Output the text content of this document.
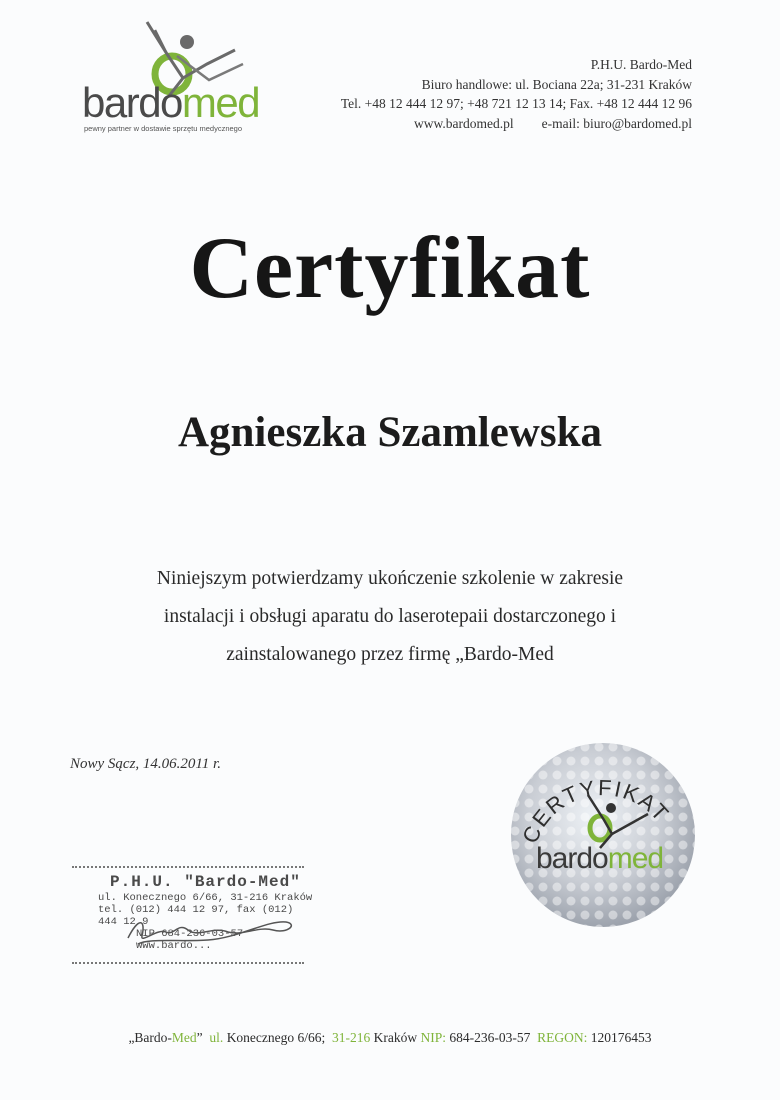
bardomed
pewny partner w dostawie sprzętu medycznego
P.H.U. Bardo-Med
Biuro handlowe: ul. Bociana 22a; 31-231 Kraków
Tel. +48 12 444 12 97; +48 721 12 13 14; Fax. +48 12 444 12 96
www.bardomed.pl e-mail: biuro@bardomed.pl
Certyfikat
Agnieszka Szamlewska
Niniejszym potwierdzamy ukończenie szkolenie w zakresie
instalacji i obsługi aparatu do laserotepaii dostarczonego i
zainstalowanego przez firmę „Bardo-Med
Nowy Sącz, 14.06.2011 r.
P.H.U. "Bardo-Med"
ul. Konecznego 6/66, 31-216 Kraków
tel. (012) 444 12 97, fax (012) 444 12 9
NIP 684-236-03-57
www.bardo...
CERTYFIKAT
bardomed
„Bardo-Med” ul. Konecznego 6/66; 31-216 Kraków NIP: 684-236-03-57 REGON: 120176453
